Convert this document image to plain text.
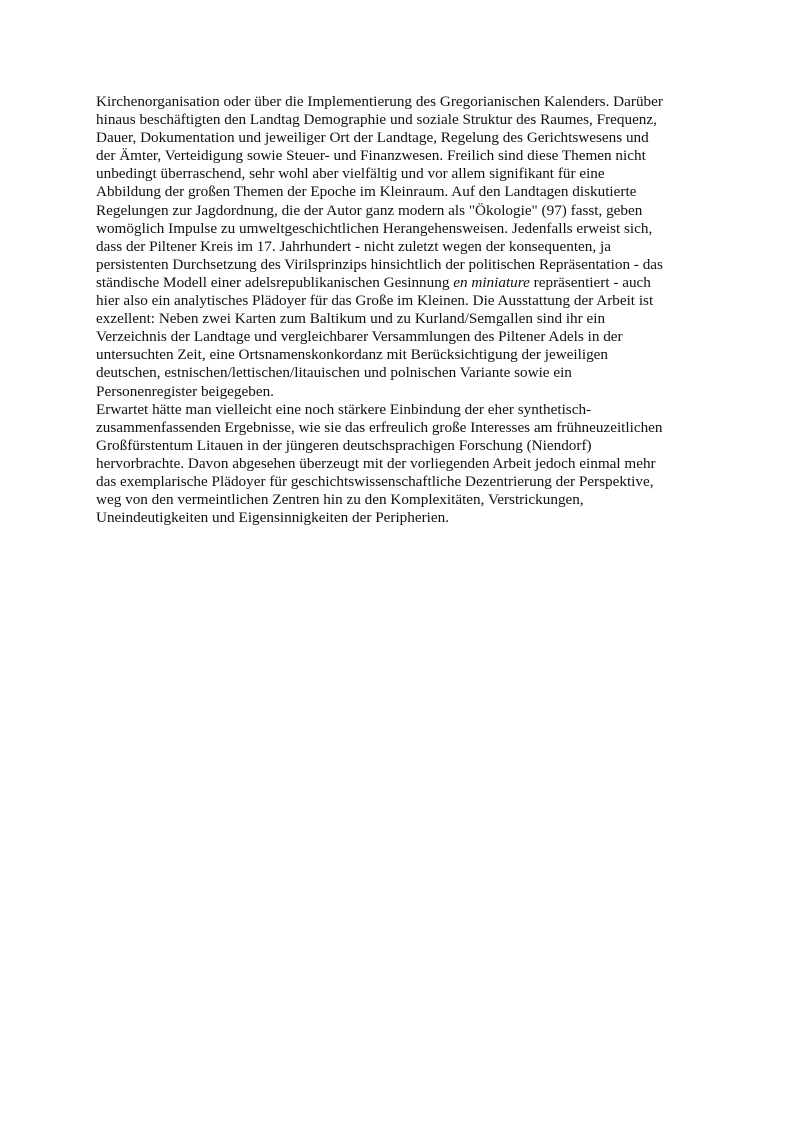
Kirchenorganisation oder über die Implementierung des Gregorianischen Kalenders. Darüber
hinaus beschäftigten den Landtag Demographie und soziale Struktur des Raumes, Frequenz,
Dauer, Dokumentation und jeweiliger Ort der Landtage, Regelung des Gerichtswesens und
der Ämter, Verteidigung sowie Steuer- und Finanzwesen. Freilich sind diese Themen nicht
unbedingt überraschend, sehr wohl aber vielfältig und vor allem signifikant für eine
Abbildung der großen Themen der Epoche im Kleinraum. Auf den Landtagen diskutierte
Regelungen zur Jagdordnung, die der Autor ganz modern als "Ökologie" (97) fasst, geben
womöglich Impulse zu umweltgeschichtlichen Herangehensweisen. Jedenfalls erweist sich,
dass der Piltener Kreis im 17. Jahrhundert - nicht zuletzt wegen der konsequenten, ja
persistenten Durchsetzung des Virilsprinzips hinsichtlich der politischen Repräsentation - das
ständische Modell einer adelsrepublikanischen Gesinnung en miniature repräsentiert - auch
hier also ein analytisches Plädoyer für das Große im Kleinen. Die Ausstattung der Arbeit ist
exzellent: Neben zwei Karten zum Baltikum und zu Kurland/Semgallen sind ihr ein
Verzeichnis der Landtage und vergleichbarer Versammlungen des Piltener Adels in der
untersuchten Zeit, eine Ortsnamenskonkordanz mit Berücksichtigung der jeweiligen
deutschen, estnischen/lettischen/litauischen und polnischen Variante sowie ein
Personenregister beigegeben.
Erwartet hätte man vielleicht eine noch stärkere Einbindung der eher synthetisch-
zusammenfassenden Ergebnisse, wie sie das erfreulich große Interesses am frühneuzeitlichen
Großfürstentum Litauen in der jüngeren deutschsprachigen Forschung (Niendorf)
hervorbrachte. Davon abgesehen überzeugt mit der vorliegenden Arbeit jedoch einmal mehr
das exemplarische Plädoyer für geschichtswissenschaftliche Dezentrierung der Perspektive,
weg von den vermeintlichen Zentren hin zu den Komplexitäten, Verstrickungen,
Uneindeutigkeiten und Eigensinnigkeiten der Peripherien.
